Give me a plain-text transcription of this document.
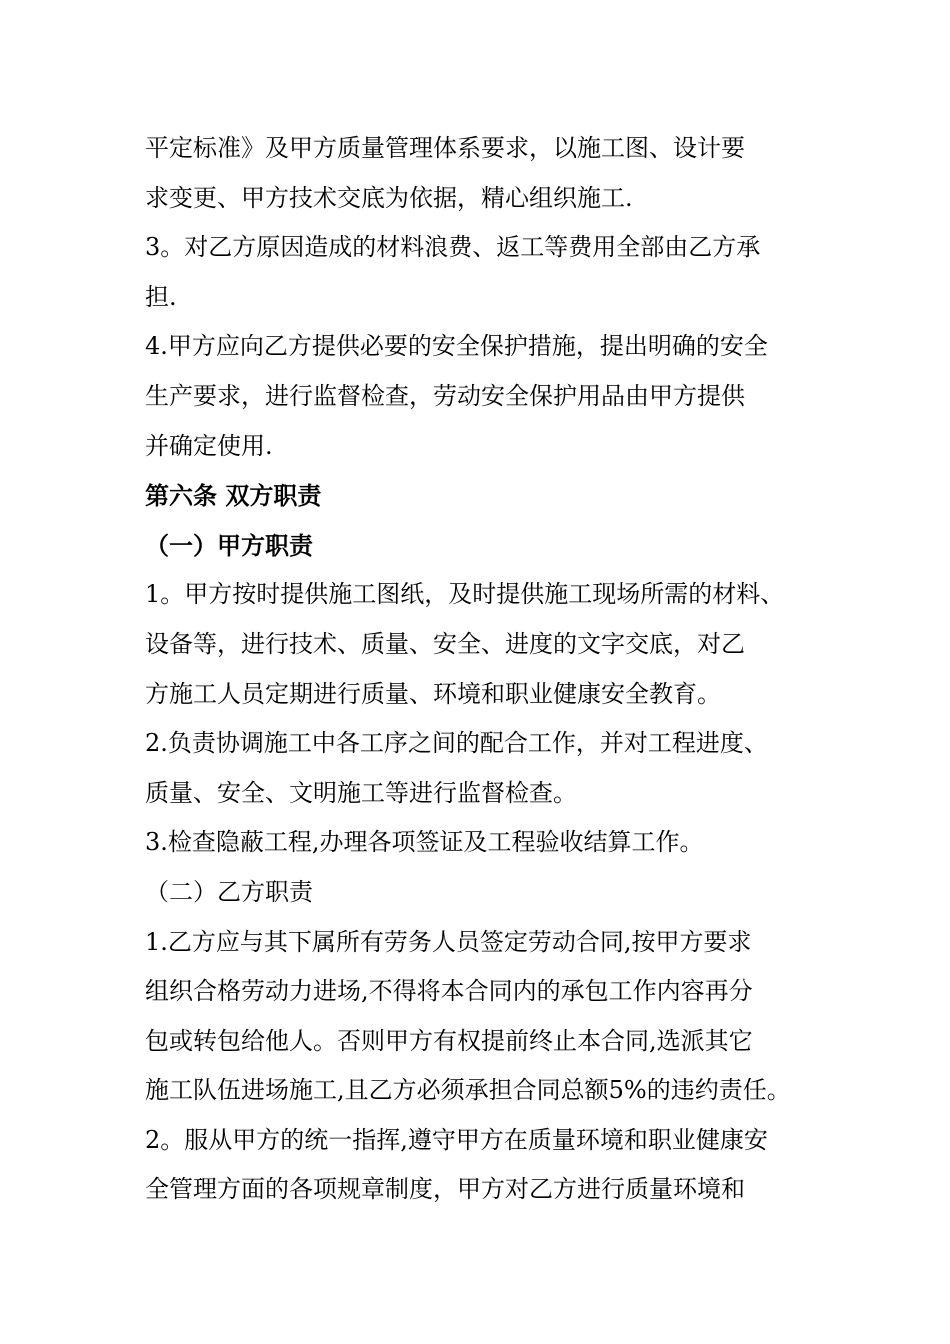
平定标准》及甲方质量管理体系要求，以施工图、设计要
求变更、甲方技术交底为依据，精心组织施工.
3。对乙方原因造成的材料浪费、返工等费用全部由乙方承
担.
4.甲方应向乙方提供必要的安全保护措施，提出明确的安全
生产要求，进行监督检查，劳动安全保护用品由甲方提供
并确定使用.
第六条 双方职责
（一）甲方职责
1。甲方按时提供施工图纸，及时提供施工现场所需的材料、
设备等，进行技术、质量、安全、进度的文字交底，对乙
方施工人员定期进行质量、环境和职业健康安全教育。
2.负责协调施工中各工序之间的配合工作，并对工程进度、
质量、安全、文明施工等进行监督检查。
3.检查隐蔽工程,办理各项签证及工程验收结算工作。
（二）乙方职责
1.乙方应与其下属所有劳务人员签定劳动合同,按甲方要求
组织合格劳动力进场,不得将本合同内的承包工作内容再分
包或转包给他人。否则甲方有权提前终止本合同,选派其它
施工队伍进场施工,且乙方必须承担合同总额5%的违约责任。
2。服从甲方的统一指挥,遵守甲方在质量环境和职业健康安
全管理方面的各项规章制度，甲方对乙方进行质量环境和
